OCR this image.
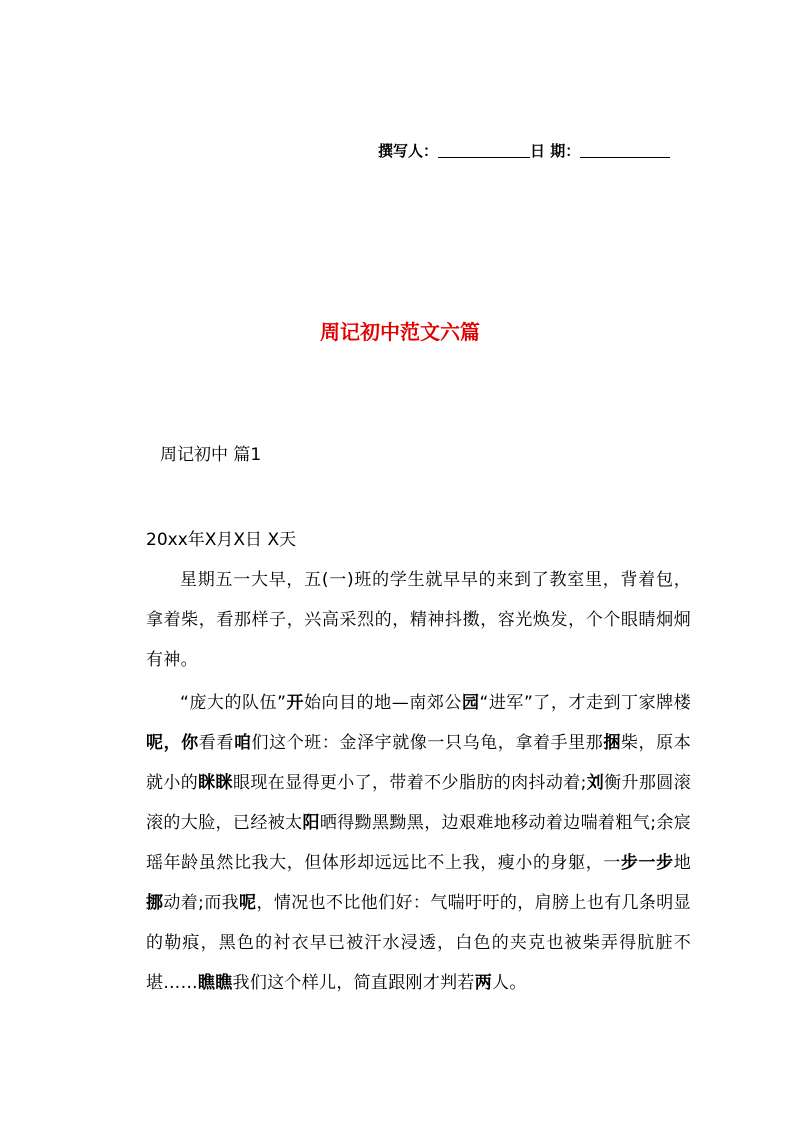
撰写人：	日 期：
周记初中范文六篇
周记初中 篇1
20xx年X月X日 X天

星期五一大早，五(一)班的学生就早早的来到了教室里，背着包，拿着柴，看那样子，兴高采烈的，精神抖擞，容光焕发，个个眼睛炯炯有神。

“庞大的队伍”开始向目的地—南郊公园“进军”了，才走到丁家牌楼呢，你看看咱们这个班：金泽宇就像一只乌龟，拿着手里那捆柴，原本就小的眯眯眼现在显得更小了，带着不少脂肪的肉抖动着;刘衡升那圆滚滚的大脸，已经被太阳晒得黝黑黝黑，边艰难地移动着边喘着粗气;余宸瑶年龄虽然比我大，但体形却远远比不上我，瘦小的身躯，一步一步地挪动着;而我呢，情况也不比他们好：气喘吁吁的，肩膀上也有几条明显的勒痕，黑色的衬衣早已被汗水浸透，白色的夹克也被柴弄得肮脏不堪……瞧瞧我们这个样儿，简直跟刚才判若两人。
